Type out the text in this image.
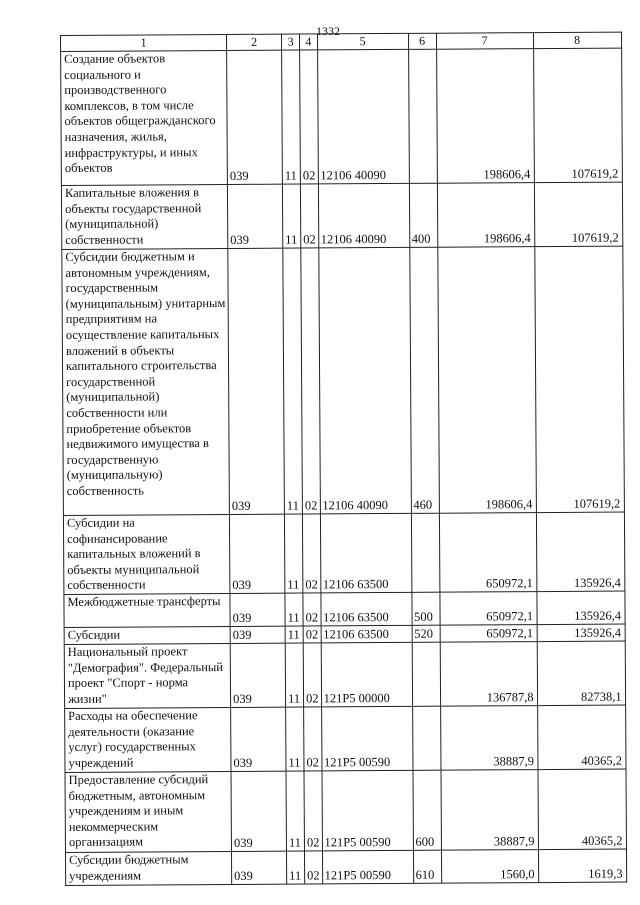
1332
1	2	3	4	5	6	7	8
Создание объектов социального и производственного комплексов, в том числе объектов общегражданского назначения, жилья, инфраструктуры, и иных объектов	039	11	02	12106 40090		198606,4	107619,2
Капитальные вложения в объекты государственной (муниципальной) собственности	039	11	02	12106 40090	400	198606,4	107619,2
Субсидии бюджетным и автономным учреждениям, государственным (муниципальным) унитарным предприятиям на осуществление капитальных вложений в объекты капитального строительства государственной (муниципальной) собственности или приобретение объектов недвижимого имущества в государственную (муниципальную) собственность	039	11	02	12106 40090	460	198606,4	107619,2
Субсидии на софинансирование капитальных вложений в объекты муниципальной собственности	039	11	02	12106 63500		650972,1	135926,4
Межбюджетные трансферты	039	11	02	12106 63500	500	650972,1	135926,4
Субсидии	039	11	02	12106 63500	520	650972,1	135926,4
Национальный проект "Демография". Федеральный проект "Спорт - норма жизни"	039	11	02	121P5 00000		136787,8	82738,1
Расходы на обеспечение деятельности (оказание услуг) государственных учреждений	039	11	02	121P5 00590		38887,9	40365,2
Предоставление субсидий бюджетным, автономным учреждениям и иным некоммерческим организациям	039	11	02	121P5 00590	600	38887,9	40365,2
Субсидии бюджетным учреждениям	039	11	02	121P5 00590	610	1560,0	1619,3
